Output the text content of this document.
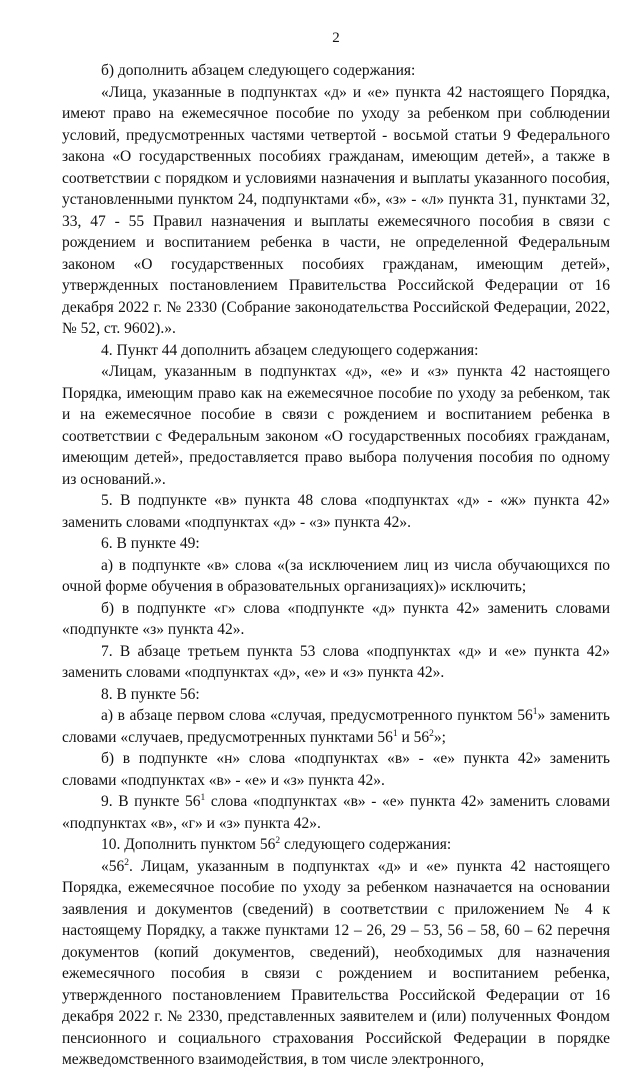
2

б) дополнить абзацем следующего содержания:

«Лица, указанные в подпунктах «д» и «е» пункта 42 настоящего Порядка, имеют право на ежемесячное пособие по уходу за ребенком при соблюдении условий, предусмотренных частями четвертой - восьмой статьи 9 Федерального закона «О государственных пособиях гражданам, имеющим детей», а также в соответствии с порядком и условиями назначения и выплаты указанного пособия, установленными пунктом 24, подпунктами «б», «з» - «л» пункта 31, пунктами 32, 33, 47 - 55 Правил назначения и выплаты ежемесячного пособия в связи с рождением и воспитанием ребенка в части, не определенной Федеральным законом «О государственных пособиях гражданам, имеющим детей», утвержденных постановлением Правительства Российской Федерации от 16 декабря 2022 г. № 2330 (Собрание законодательства Российской Федерации, 2022, № 52, ст. 9602).».

4. Пункт 44 дополнить абзацем следующего содержания:

«Лицам, указанным в подпунктах «д», «е» и «з» пункта 42 настоящего Порядка, имеющим право как на ежемесячное пособие по уходу за ребенком, так и на ежемесячное пособие в связи с рождением и воспитанием ребенка в соответствии с Федеральным законом «О государственных пособиях гражданам, имеющим детей», предоставляется право выбора получения пособия по одному из оснований.».

5. В подпункте «в» пункта 48 слова «подпунктах «д» - «ж» пункта 42» заменить словами «подпунктах «д» - «з» пункта 42».

6. В пункте 49:

а) в подпункте «в» слова «(за исключением лиц из числа обучающихся по очной форме обучения в образовательных организациях)» исключить;

б) в подпункте «г» слова «подпункте «д» пункта 42» заменить словами «подпункте «з» пункта 42».

7. В абзаце третьем пункта 53 слова «подпунктах «д» и «е» пункта 42» заменить словами «подпунктах «д», «е» и «з» пункта 42».

8. В пункте 56:

а) в абзаце первом слова «случая, предусмотренного пунктом $56^1$» заменить словами «случаев, предусмотренных пунктами $56^1$ и $56^2$»;

б) в подпункте «н» слова «подпунктах «в» - «е» пункта 42» заменить словами «подпунктах «в» - «е» и «з» пункта 42».

9. В пункте $56^1$ слова «подпунктах «в» - «е» пункта 42» заменить словами «подпунктах «в», «г» и «з» пункта 42».

10. Дополнить пунктом $56^2$ следующего содержания:

«$56^2$. Лицам, указанным в подпунктах «д» и «е» пункта 42 настоящего Порядка, ежемесячное пособие по уходу за ребенком назначается на основании заявления и документов (сведений) в соответствии с приложением № 4 к настоящему Порядку, а также пунктами 12 – 26, 29 – 53, 56 – 58, 60 – 62 перечня документов (копий документов, сведений), необходимых для назначения ежемесячного пособия в связи с рождением и воспитанием ребенка, утвержденного постановлением Правительства Российской Федерации от 16 декабря 2022 г. № 2330, представленных заявителем и (или) полученных Фондом пенсионного и социального страхования Российской Федерации в порядке межведомственного взаимодействия, в том числе электронного,
